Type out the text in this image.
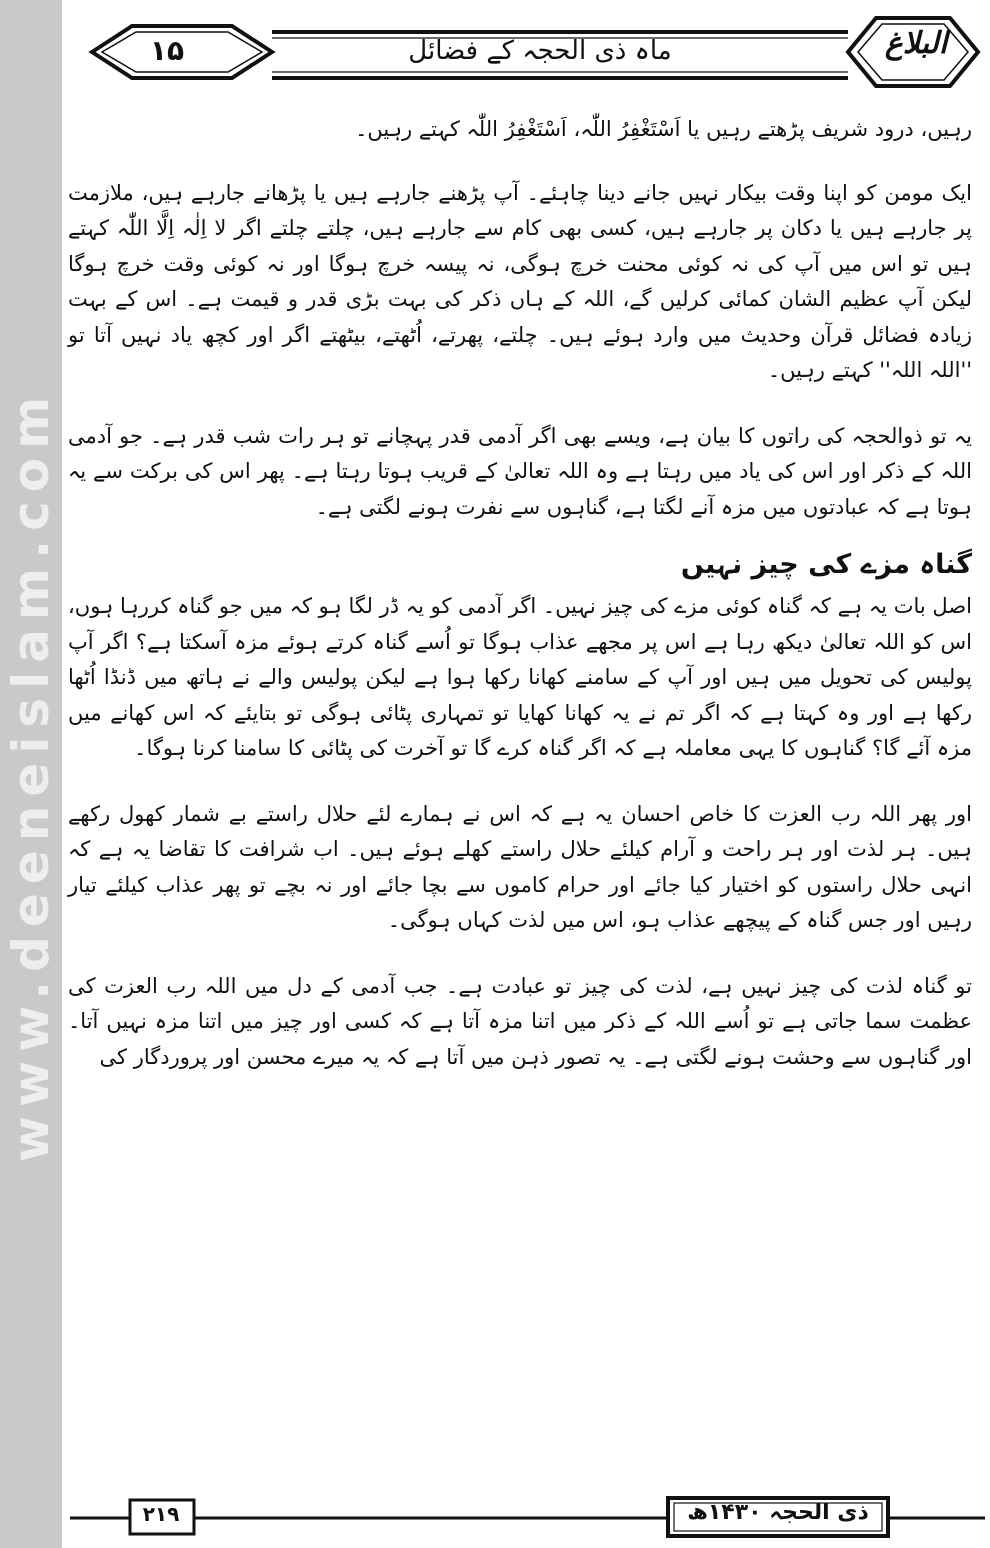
www.deeneislam.com
۱۵	ماہ ذی الحجہ کے فضائل	البلاغ

رہیں، درود شریف پڑھتے رہیں یا اَسْتَغْفِرُ اللّٰہ، اَسْتَغْفِرُ اللّٰہ کہتے رہیں۔

ایک مومن کو اپنا وقت بیکار نہیں جانے دینا چاہئے۔ آپ پڑھنے جارہے ہیں یا پڑھانے جارہے ہیں، ملازمت پر جارہے ہیں یا دکان پر جارہے ہیں، کسی بھی کام سے جارہے ہیں، چلتے چلتے اگر لا اِلٰہ اِلَّا اللّٰہ کہتے ہیں تو اس میں آپ کی نہ کوئی محنت خرچ ہوگی، نہ پیسہ خرچ ہوگا اور نہ کوئی وقت خرچ ہوگا لیکن آپ عظیم الشان کمائی کرلیں گے، اللہ کے ہاں ذکر کی بہت بڑی قدر و قیمت ہے۔ اس کے بہت زیادہ فضائل قرآن وحدیث میں وارد ہوئے ہیں۔ چلتے، پھرتے، اُٹھتے، بیٹھتے اگر اور کچھ یاد نہیں آتا تو ''اللہ اللہ'' کہتے رہیں۔

یہ تو ذوالحجہ کی راتوں کا بیان ہے، ویسے بھی اگر آدمی قدر پہچانے تو ہر رات شب قدر ہے۔ جو آدمی اللہ کے ذکر اور اس کی یاد میں رہتا ہے وہ اللہ تعالیٰ کے قریب ہوتا رہتا ہے۔ پھر اس کی برکت سے یہ ہوتا ہے کہ عبادتوں میں مزہ آنے لگتا ہے، گناہوں سے نفرت ہونے لگتی ہے۔

گناہ مزے کی چیز نہیں

اصل بات یہ ہے کہ گناہ کوئی مزے کی چیز نہیں۔ اگر آدمی کو یہ ڈر لگا ہو کہ میں جو گناہ کررہا ہوں، اس کو اللہ تعالیٰ دیکھ رہا ہے اس پر مجھے عذاب ہوگا تو اُسے گناہ کرتے ہوئے مزہ آسکتا ہے؟ اگر آپ پولیس کی تحویل میں ہیں اور آپ کے سامنے کھانا رکھا ہوا ہے لیکن پولیس والے نے ہاتھ میں ڈنڈا اُٹھا رکھا ہے اور وہ کہتا ہے کہ اگر تم نے یہ کھانا کھایا تو تمہاری پٹائی ہوگی تو بتایئے کہ اس کھانے میں مزہ آئے گا؟ گناہوں کا یہی معاملہ ہے کہ اگر گناہ کرے گا تو آخرت کی پٹائی کا سامنا کرنا ہوگا۔

اور پھر اللہ رب العزت کا خاص احسان یہ ہے کہ اس نے ہمارے لئے حلال راستے بے شمار کھول رکھے ہیں۔ ہر لذت اور ہر راحت و آرام کیلئے حلال راستے کھلے ہوئے ہیں۔ اب شرافت کا تقاضا یہ ہے کہ انہی حلال راستوں کو اختیار کیا جائے اور حرام کاموں سے بچا جائے اور نہ بچے تو پھر عذاب کیلئے تیار رہیں اور جس گناہ کے پیچھے عذاب ہو، اس میں لذت کہاں ہوگی۔

تو گناہ لذت کی چیز نہیں ہے، لذت کی چیز تو عبادت ہے۔ جب آدمی کے دل میں اللہ رب العزت کی عظمت سما جاتی ہے تو اُسے اللہ کے ذکر میں اتنا مزہ آتا ہے کہ کسی اور چیز میں اتنا مزہ نہیں آتا۔ اور گناہوں سے وحشت ہونے لگتی ہے۔ یہ تصور ذہن میں آتا ہے کہ یہ میرے محسن اور پروردگار کی

۲۱۹	ذی الحجہ ۱۴۳۰ھ
